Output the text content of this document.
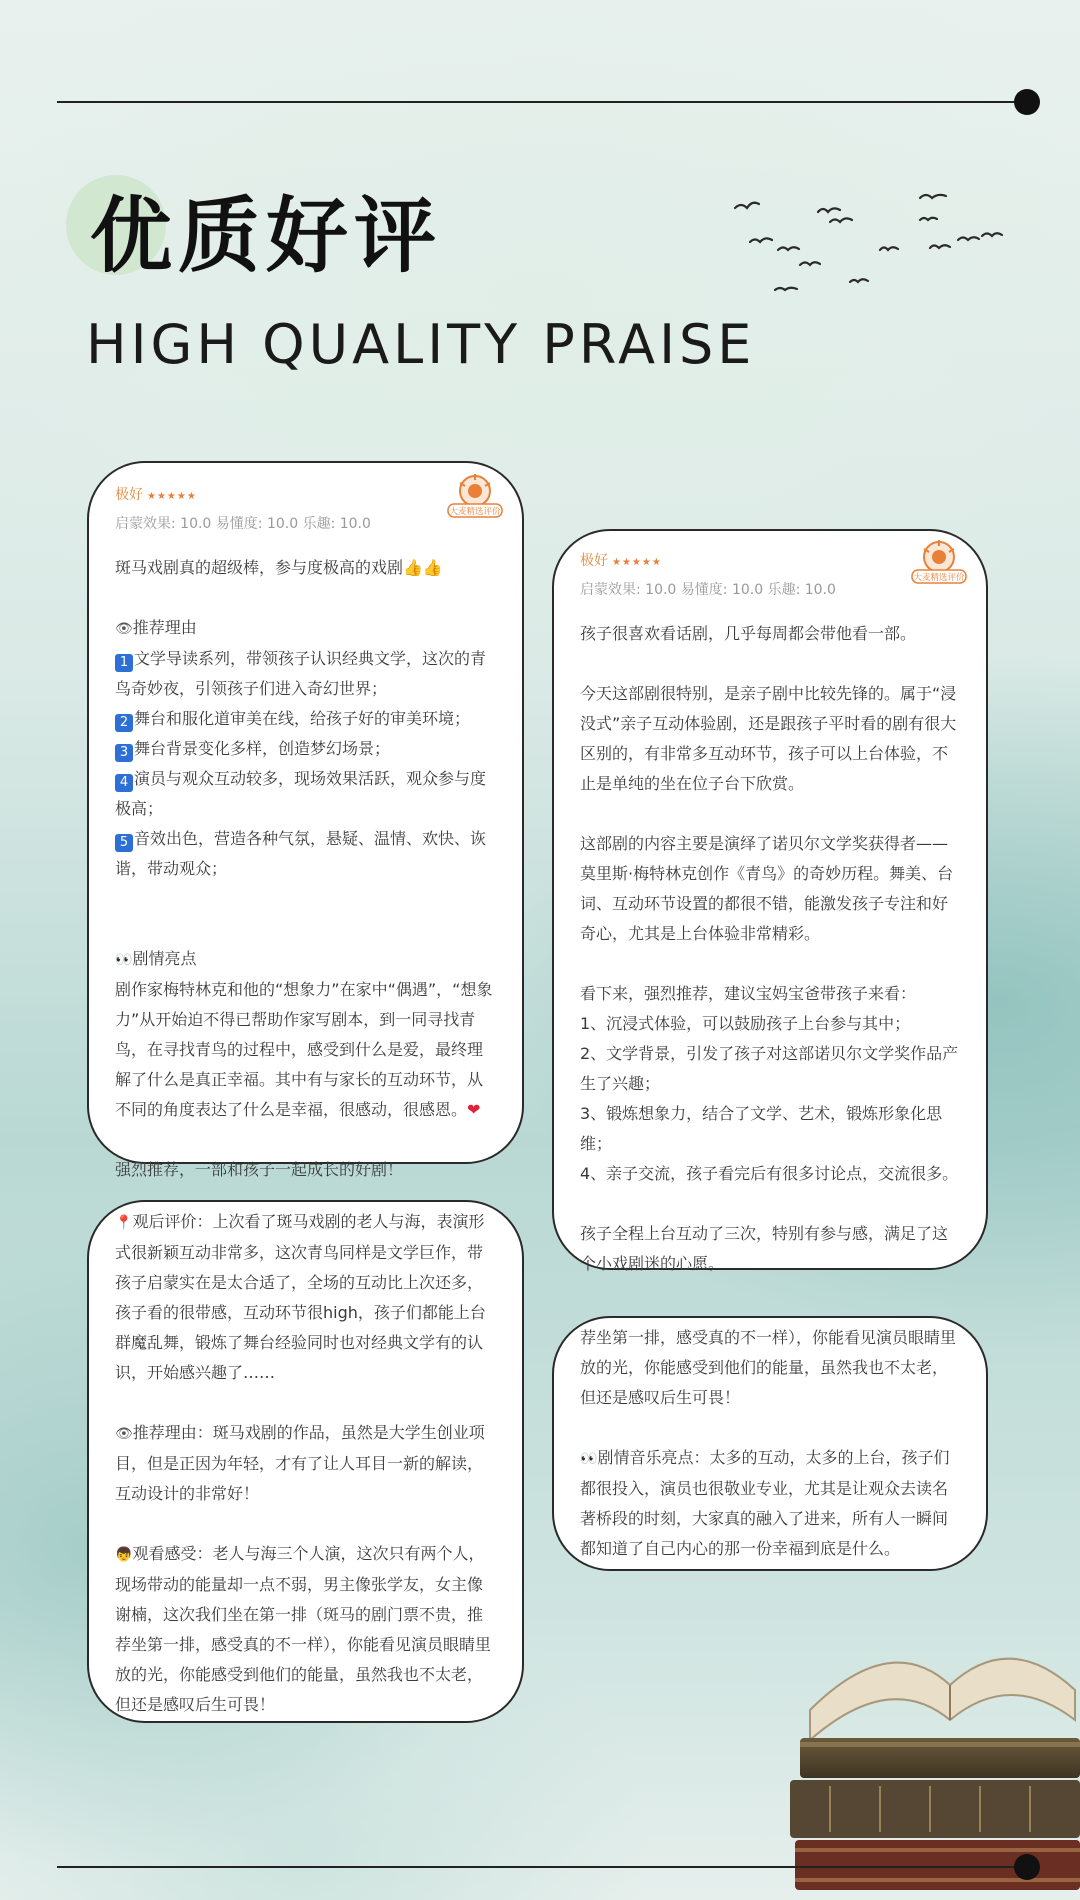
优质好评
HIGH QUALITY PRAISE
极好 ★★★★★
大麦精选评价
启蒙效果: 10.0 易懂度: 10.0 乐趣: 10.0

斑马戏剧真的超级棒，参与度极高的戏剧👍👍

👁推荐理由

1 文学导读系列，带领孩子认识经典文学，这次的青鸟奇妙夜，引领孩子们进入奇幻世界；

2 舞台和服化道审美在线，给孩子好的审美环境；

3 舞台背景变化多样，创造梦幻场景；

4 演员与观众互动较多，现场效果活跃，观众参与度极高；

5 音效出色，营造各种气氛，悬疑、温情、欢快、诙谐，带动观众；

👀剧情亮点

剧作家梅特林克和他的“想象力”在家中“偶遇”，“想象力”从开始迫不得已帮助作家写剧本，到一同寻找青鸟，在寻找青鸟的过程中，感受到什么是爱，最终理解了什么是真正幸福。其中有与家长的互动环节，从不同的角度表达了什么是幸福，很感动，很感恩。❤

强烈推荐，一部和孩子一起成长的好剧！

极好 ★★★★★
大麦精选评价
启蒙效果: 10.0 易懂度: 10.0 乐趣: 10.0

孩子很喜欢看话剧，几乎每周都会带他看一部。

今天这部剧很特别，是亲子剧中比较先锋的。属于“浸没式”亲子互动体验剧，还是跟孩子平时看的剧有很大区别的，有非常多互动环节，孩子可以上台体验，不止是单纯的坐在位子台下欣赏。

这部剧的内容主要是演绎了诺贝尔文学奖获得者——莫里斯·梅特林克创作《青鸟》的奇妙历程。舞美、台词、互动环节设置的都很不错，能激发孩子专注和好奇心，尤其是上台体验非常精彩。

看下来，强烈推荐，建议宝妈宝爸带孩子来看：

1、沉浸式体验，可以鼓励孩子上台参与其中；

2、文学背景，引发了孩子对这部诺贝尔文学奖作品产生了兴趣；

3、锻炼想象力，结合了文学、艺术，锻炼形象化思维；

4、亲子交流，孩子看完后有很多讨论点，交流很多。

孩子全程上台互动了三次，特别有参与感，满足了这个小戏剧迷的心愿。

📍观后评价：上次看了斑马戏剧的老人与海，表演形式很新颖互动非常多，这次青鸟同样是文学巨作，带孩子启蒙实在是太合适了，全场的互动比上次还多，孩子看的很带感，互动环节很high，孩子们都能上台群魔乱舞，锻炼了舞台经验同时也对经典文学有的认识，开始感兴趣了……

👁推荐理由：斑马戏剧的作品，虽然是大学生创业项目，但是正因为年轻，才有了让人耳目一新的解读，互动设计的非常好！

👦观看感受：老人与海三个人演，这次只有两个人，现场带动的能量却一点不弱，男主像张学友，女主像谢楠，这次我们坐在第一排（斑马的剧门票不贵，推荐坐第一排，感受真的不一样），你能看见演员眼睛里放的光，你能感受到他们的能量，虽然我也不太老，但还是感叹后生可畏！

荐坐第一排，感受真的不一样），你能看见演员眼睛里放的光，你能感受到他们的能量，虽然我也不太老，但还是感叹后生可畏！

👀剧情音乐亮点：太多的互动，太多的上台，孩子们都很投入，演员也很敬业专业，尤其是让观众去读名著桥段的时刻，大家真的融入了进来，所有人一瞬间都知道了自己内心的那一份幸福到底是什么。
